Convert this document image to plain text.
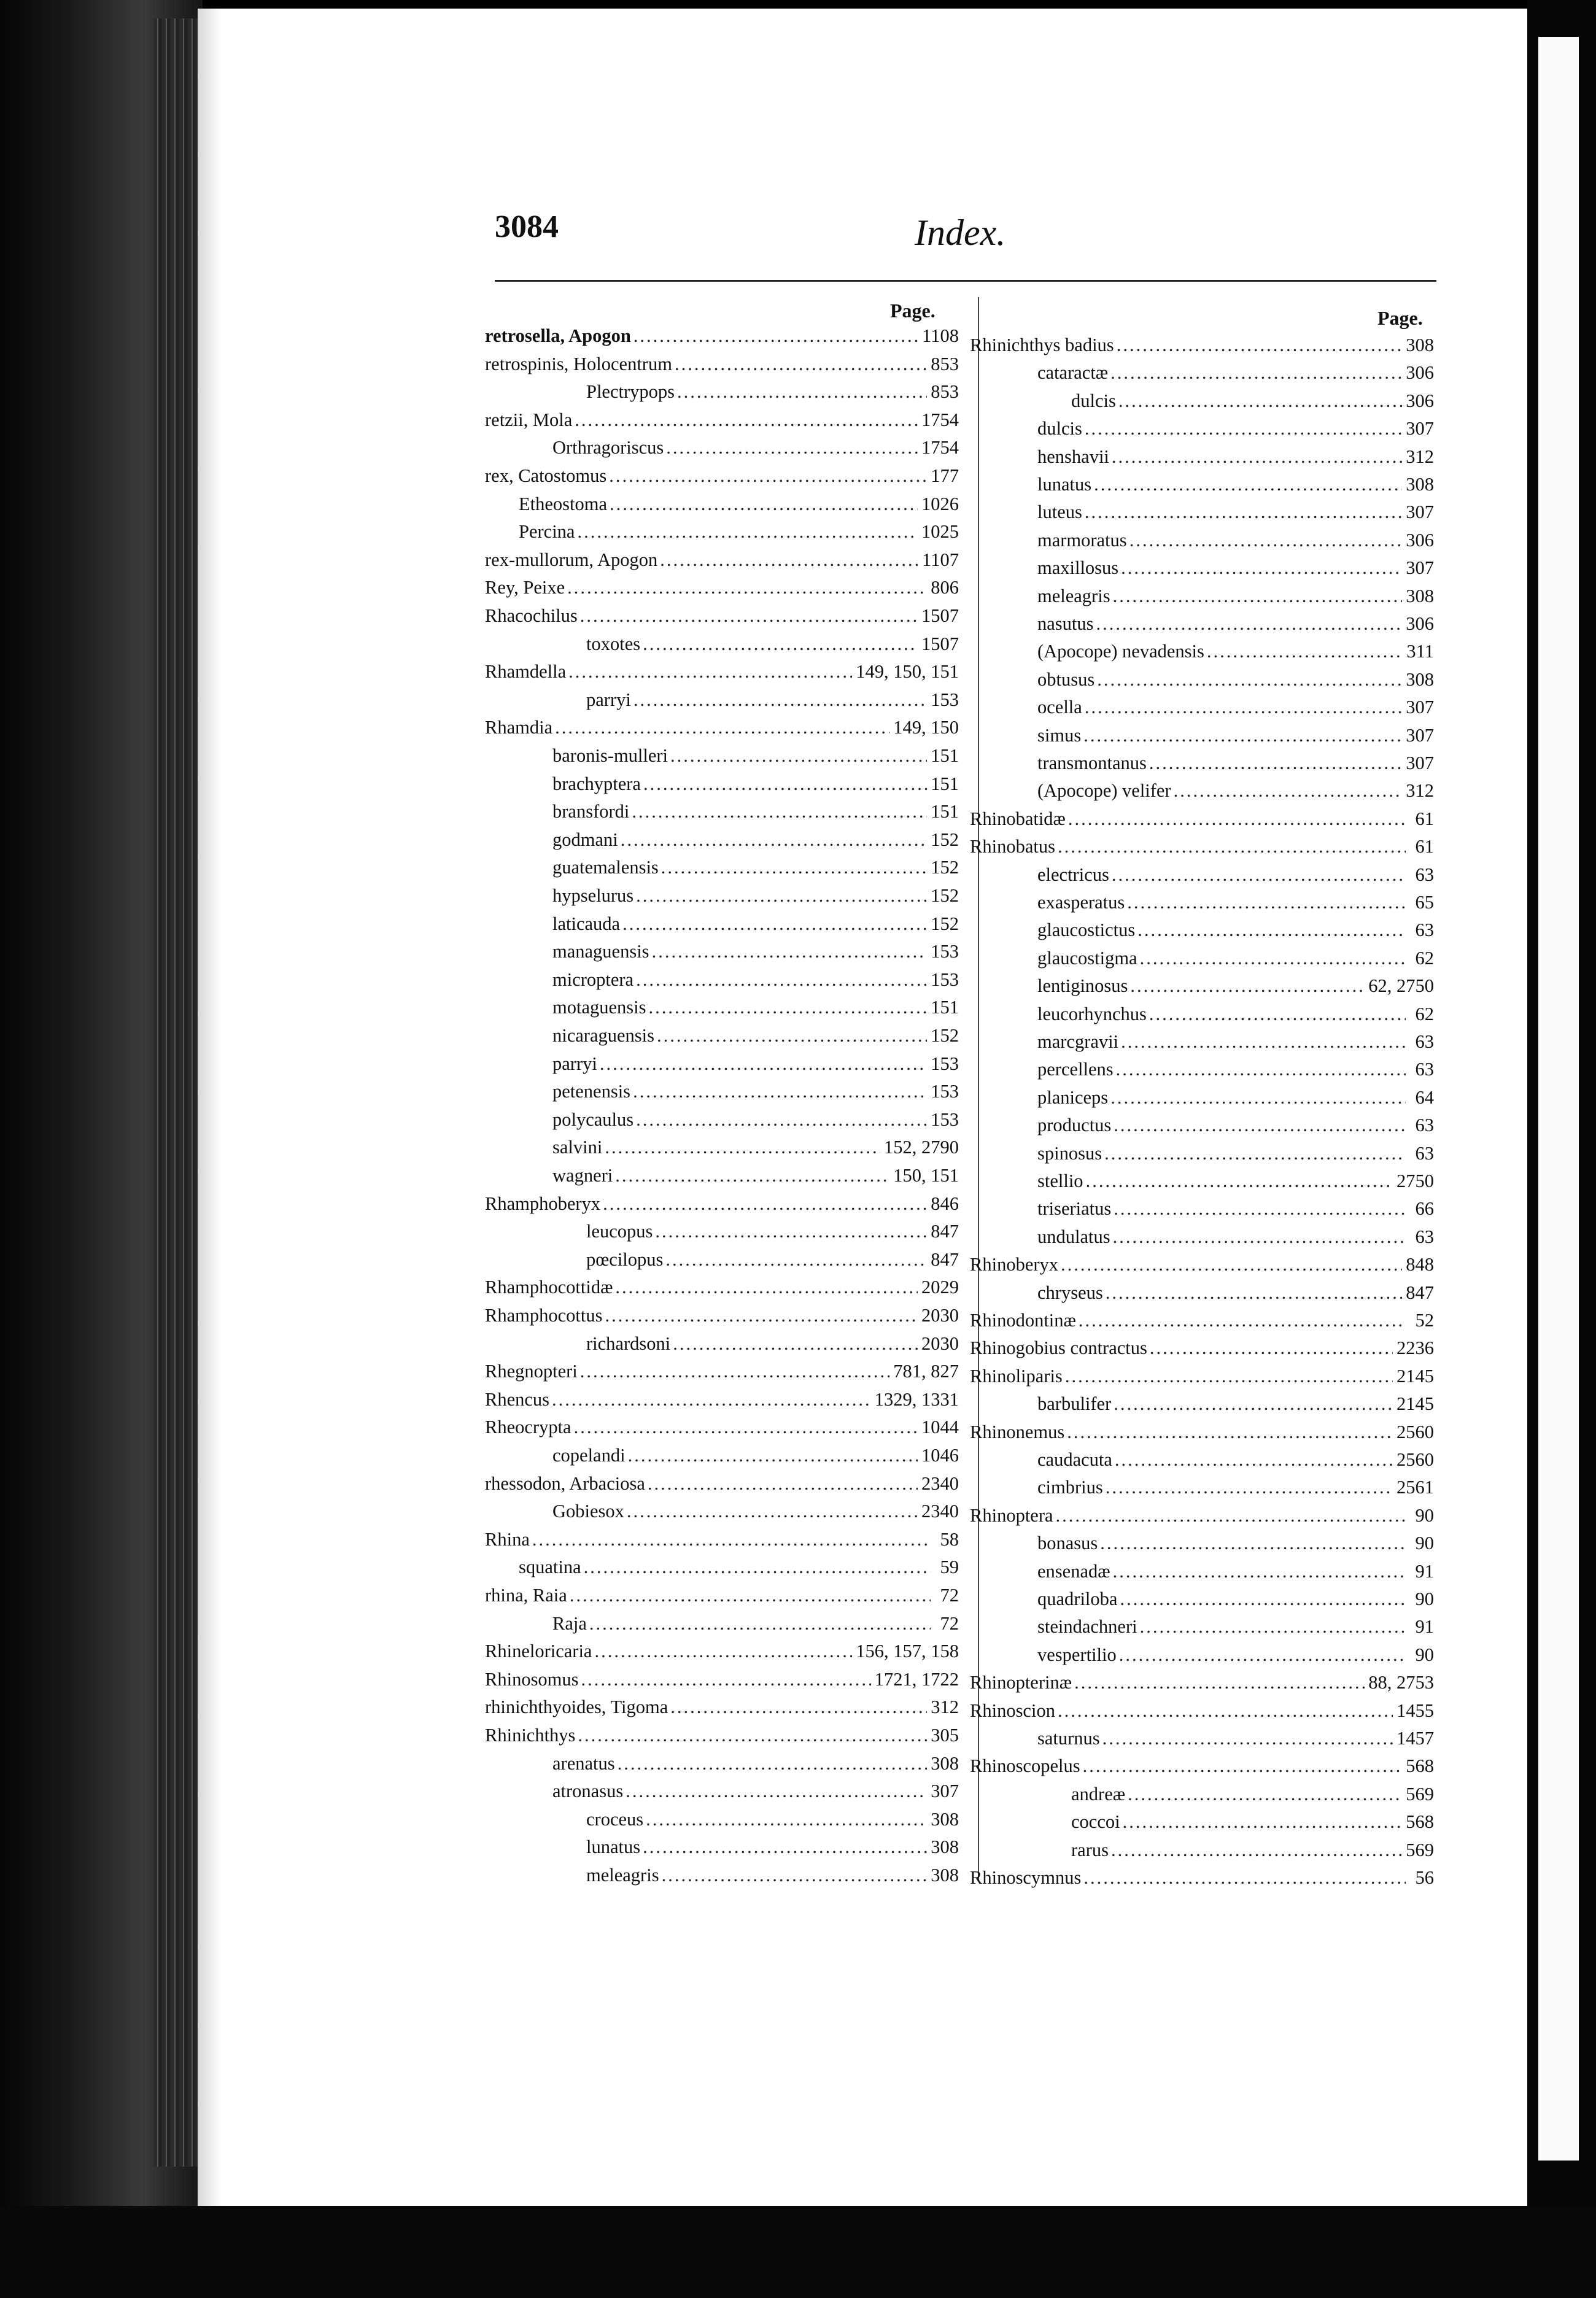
3084	Index.
Page.	Page.
retrosella, Apogon .....	1108
retrospinis, Holocentrum .....	853
Plectrypops .....	853
retzii, Mola .....	1754
Orthragoriscus .....	1754
rex, Catostomus .....	177
Etheostoma .....	1026
Percina .....	1025
rex-mullorum, Apogon .....	1107
Rey, Peixe .....	806
Rhacochilus .....	1507
toxotes .....	1507
Rhamdella .....	149, 150, 151
parryi .....	153
Rhamdia .....	149, 150
baronis-mulleri .....	151
brachyptera .....	151
bransfordi .....	151
godmani .....	152
guatemalensis .....	152
hypselurus .....	152
laticauda .....	152
managuensis .....	153
microptera .....	153
motaguensis .....	151
nicaraguensis .....	152
parryi .....	153
petenensis .....	153
polycaulus .....	153
salvini .....	152, 2790
wagneri .....	150, 151
Rhamphoberyx .....	846
leucopus .....	847
pœcilopus .....	847
Rhamphocottidæ .....	2029
Rhamphocottus .....	2030
richardsoni .....	2030
Rhegnopteri .....	781, 827
Rhencus .....	1329, 1331
Rheocrypta .....	1044
copelandi .....	1046
rhessodon, Arbaciosa .....	2340
Gobiesox .....	2340
Rhina .....	58
squatina .....	59
rhina, Raia .....	72
Raja .....	72
Rhineloricaria .....	156, 157, 158
Rhinosomus .....	1721, 1722
rhinichthyoides, Tigoma .....	312
Rhinichthys .....	305
arenatus .....	308
atronasus .....	307
croceus .....	308
lunatus .....	308
meleagris .....	308
Rhinichthys badius .....	308
cataractæ .....	306
dulcis .....	306
dulcis .....	307
henshavii .....	312
lunatus .....	308
luteus .....	307
marmoratus .....	306
maxillosus .....	307
meleagris .....	308
nasutus .....	306
(Apocope) nevadensis .....	311
obtusus .....	308
ocella .....	307
simus .....	307
transmontanus .....	307
(Apocope) velifer .....	312
Rhinobatidæ .....	61
Rhinobatus .....	61
electricus .....	63
exasperatus .....	65
glaucostictus .....	63
glaucostigma .....	62
lentiginosus .....	62, 2750
leucorhynchus .....	62
marcgravii .....	63
percellens .....	63
planiceps .....	64
productus .....	63
spinosus .....	63
stellio .....	2750
triseriatus .....	66
undulatus .....	63
Rhinoberyx .....	848
chryseus .....	847
Rhinodontinæ .....	52
Rhinogobius contractus .....	2236
Rhinoliparis .....	2145
barbulifer .....	2145
Rhinonemus .....	2560
caudacuta .....	2560
cimbrius .....	2561
Rhinoptera .....	90
bonasus .....	90
ensenadæ .....	91
quadriloba .....	90
steindachneri .....	91
vespertilio .....	90
Rhinopterinæ .....	88, 2753
Rhinoscion .....	1455
saturnus .....	1457
Rhinoscopelus .....	568
andreæ .....	569
coccoi .....	568
rarus .....	569
Rhinoscymnus .....	56
